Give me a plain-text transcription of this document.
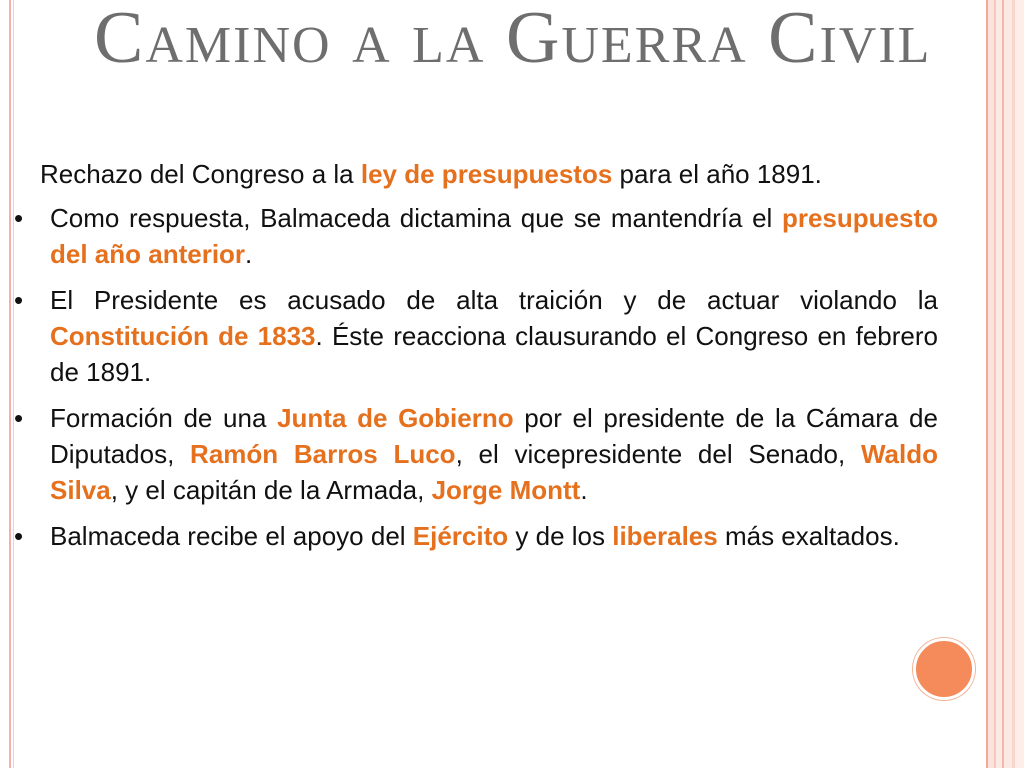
Camino a la Guerra Civil

Rechazo del Congreso a la ley de presupuestos para el año 1891.

• Como respuesta, Balmaceda dictamina que se mantendría el presupuesto del año anterior.

• El Presidente es acusado de alta traición y de actuar violando la Constitución de 1833. Éste reacciona clausurando el Congreso en febrero de 1891.

• Formación de una Junta de Gobierno por el presidente de la Cámara de Diputados, Ramón Barros Luco, el vicepresidente del Senado, Waldo Silva, y el capitán de la Armada, Jorge Montt.

• Balmaceda recibe el apoyo del Ejército y de los liberales más exaltados.
